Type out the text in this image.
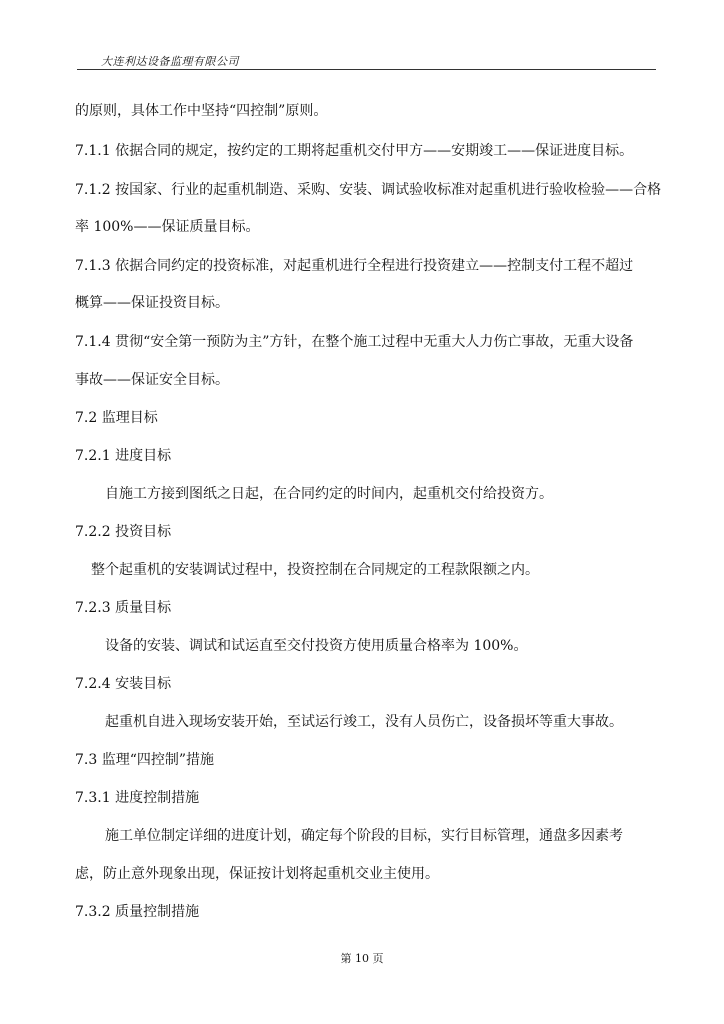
大连利达设备监理有限公司
的原则，具体工作中坚持“四控制”原则。
7.1.1 依据合同的规定，按约定的工期将起重机交付甲方——安期竣工——保证进度目标。
7.1.2 按国家、行业的起重机制造、采购、安装、调试验收标准对起重机进行验收检验——合格
率 100%——保证质量目标。
7.1.3 依据合同约定的投资标准，对起重机进行全程进行投资建立——控制支付工程不超过
概算——保证投资目标。
7.1.4 贯彻“安全第一预防为主”方针，在整个施工过程中无重大人力伤亡事故，无重大设备
事故——保证安全目标。
7.2 监理目标
7.2.1 进度目标
自施工方接到图纸之日起，在合同约定的时间内，起重机交付给投资方。
7.2.2 投资目标
整个起重机的安装调试过程中，投资控制在合同规定的工程款限额之内。
7.2.3 质量目标
设备的安装、调试和试运直至交付投资方使用质量合格率为 100%。
7.2.4 安装目标
起重机自进入现场安装开始，至试运行竣工，没有人员伤亡，设备损坏等重大事故。
7.3 监理“四控制”措施
7.3.1 进度控制措施
施工单位制定详细的进度计划，确定每个阶段的目标，实行目标管理，通盘多因素考
虑，防止意外现象出现，保证按计划将起重机交业主使用。
7.3.2 质量控制措施
第 10 页
